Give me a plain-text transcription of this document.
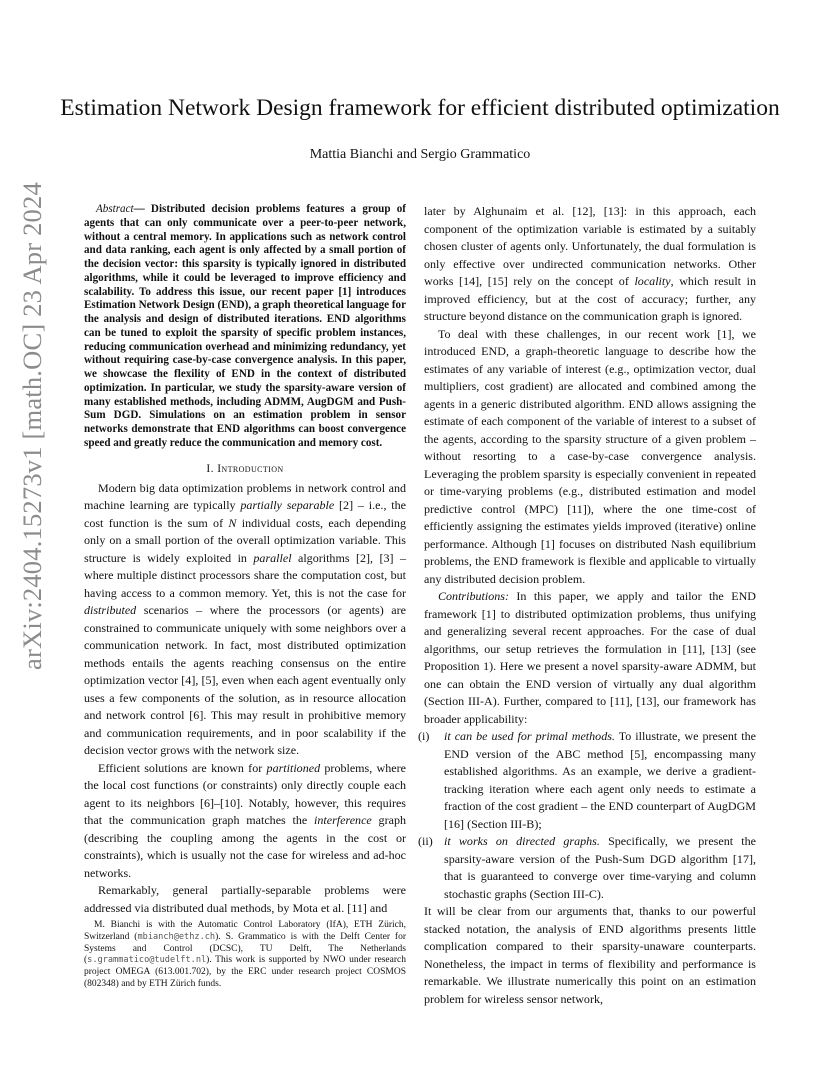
arXiv:2404.15273v1 [math.OC] 23 Apr 2024
Estimation Network Design framework for efficient distributed optimization
Mattia Bianchi and Sergio Grammatico

Abstract— Distributed decision problems features a group of agents that can only communicate over a peer-to-peer network, without a central memory. In applications such as network control and data ranking, each agent is only affected by a small portion of the decision vector: this sparsity is typically ignored in distributed algorithms, while it could be leveraged to improve efficiency and scalability. To address this issue, our recent paper [1] introduces Estimation Network Design (END), a graph theoretical language for the analysis and design of distributed iterations. END algorithms can be tuned to exploit the sparsity of specific problem instances, reducing communication overhead and minimizing redundancy, yet without requiring case-by-case convergence analysis. In this paper, we showcase the flexility of END in the context of distributed optimization. In particular, we study the sparsity-aware version of many established methods, including ADMM, AugDGM and Push-Sum DGD. Simulations on an estimation problem in sensor networks demonstrate that END algorithms can boost convergence speed and greatly reduce the communication and memory cost.

I. Introduction

Modern big data optimization problems in network control and machine learning are typically partially separable [2] – i.e., the cost function is the sum of N individual costs, each depending only on a small portion of the overall optimization variable. This structure is widely exploited in parallel algorithms [2], [3] – where multiple distinct processors share the computation cost, but having access to a common memory. Yet, this is not the case for distributed scenarios – where the processors (or agents) are constrained to communicate uniquely with some neighbors over a communication network. In fact, most distributed optimization methods entails the agents reaching consensus on the entire optimization vector [4], [5], even when each agent eventually only uses a few components of the solution, as in resource allocation and network control [6]. This may result in prohibitive memory and communication requirements, and in poor scalability if the decision vector grows with the network size.

Efficient solutions are known for partitioned problems, where the local cost functions (or constraints) only directly couple each agent to its neighbors [6]–[10]. Notably, however, this requires that the communication graph matches the interference graph (describing the coupling among the agents in the cost or constraints), which is usually not the case for wireless and ad-hoc networks.

Remarkably, general partially-separable problems were addressed via distributed dual methods, by Mota et al. [11] and

M. Bianchi is with the Automatic Control Laboratory (IfA), ETH Zürich, Switzerland (mbianch@ethz.ch). S. Grammatico is with the Delft Center for Systems and Control (DCSC), TU Delft, The Netherlands (s.grammatico@tudelft.nl). This work is supported by NWO under research project OMEGA (613.001.702), by the ERC under research project COSMOS (802348) and by ETH Zürich funds.

later by Alghunaim et al. [12], [13]: in this approach, each component of the optimization variable is estimated by a suitably chosen cluster of agents only. Unfortunately, the dual formulation is only effective over undirected communication networks. Other works [14], [15] rely on the concept of locality, which result in improved efficiency, but at the cost of accuracy; further, any structure beyond distance on the communication graph is ignored.

To deal with these challenges, in our recent work [1], we introduced END, a graph-theoretic language to describe how the estimates of any variable of interest (e.g., optimization vector, dual multipliers, cost gradient) are allocated and combined among the agents in a generic distributed algorithm. END allows assigning the estimate of each component of the variable of interest to a subset of the agents, according to the sparsity structure of a given problem – without resorting to a case-by-case convergence analysis. Leveraging the problem sparsity is especially convenient in repeated or time-varying problems (e.g., distributed estimation and model predictive control (MPC) [11]), where the one time-cost of efficiently assigning the estimates yields improved (iterative) online performance. Although [1] focuses on distributed Nash equilibrium problems, the END framework is flexible and applicable to virtually any distributed decision problem.

Contributions: In this paper, we apply and tailor the END framework [1] to distributed optimization problems, thus unifying and generalizing several recent approaches. For the case of dual algorithms, our setup retrieves the formulation in [11], [13] (see Proposition 1). Here we present a novel sparsity-aware ADMM, but one can obtain the END version of virtually any dual algorithm (Section III-A). Further, compared to [11], [13], our framework has broader applicability:

(i) it can be used for primal methods. To illustrate, we present the END version of the ABC method [5], encompassing many established algorithms. As an example, we derive a gradient-tracking iteration where each agent only needs to estimate a fraction of the cost gradient – the END counterpart of AugDGM [16] (Section III-B);
(ii) it works on directed graphs. Specifically, we present the sparsity-aware version of the Push-Sum DGD algorithm [17], that is guaranteed to converge over time-varying and column stochastic graphs (Section III-C).

It will be clear from our arguments that, thanks to our powerful stacked notation, the analysis of END algorithms presents little complication compared to their sparsity-unaware counterparts. Nonetheless, the impact in terms of flexibility and performance is remarkable. We illustrate numerically this point on an estimation problem for wireless sensor network,
